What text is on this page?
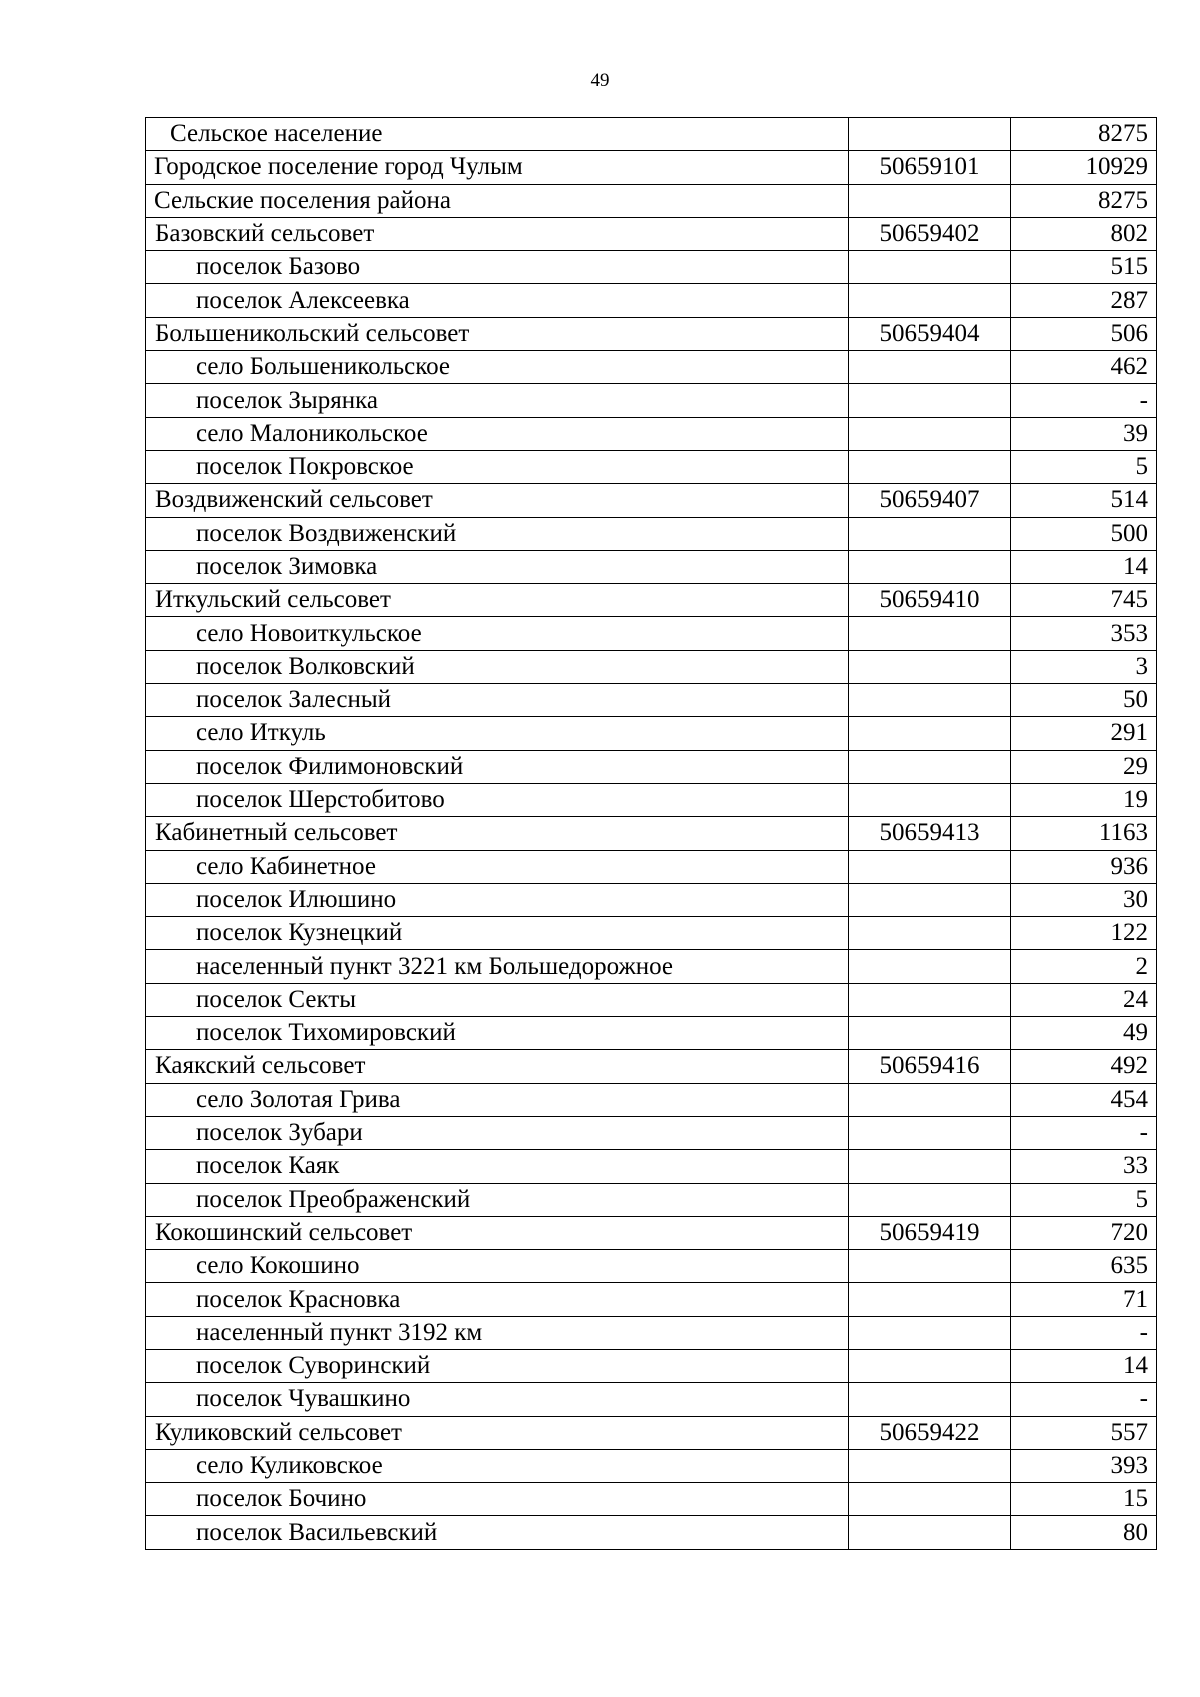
49
Сельское население		8275
Городское поселение город Чулым	50659101	10929
Сельские поселения района		8275
Базовский сельсовет	50659402	802
поселок Базово		515
поселок Алексеевка		287
Большеникольский сельсовет	50659404	506
село Большеникольское		462
поселок Зырянка		-
село Малоникольское		39
поселок Покровское		5
Воздвиженский сельсовет	50659407	514
поселок Воздвиженский		500
поселок Зимовка		14
Иткульский сельсовет	50659410	745
село Новоиткульское		353
поселок Волковский		3
поселок Залесный		50
село Иткуль		291
поселок Филимоновский		29
поселок Шерстобитово		19
Кабинетный сельсовет	50659413	1163
село Кабинетное		936
поселок Илюшино		30
поселок Кузнецкий		122
населенный пункт 3221 км Большедорожное		2
поселок Секты		24
поселок Тихомировский		49
Каякский сельсовет	50659416	492
село Золотая Грива		454
поселок Зубари		-
поселок Каяк		33
поселок Преображенский		5
Кокошинский сельсовет	50659419	720
село Кокошино		635
поселок Красновка		71
населенный пункт 3192 км		-
поселок Суворинский		14
поселок Чувашкино		-
Куликовский сельсовет	50659422	557
село Куликовское		393
поселок Бочино		15
поселок Васильевский		80
